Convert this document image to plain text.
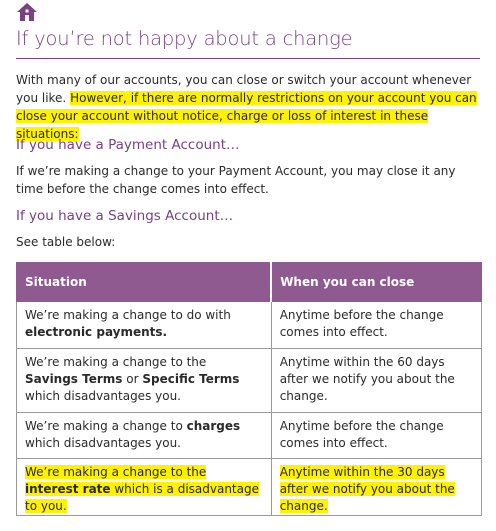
If you’re not happy about a change

With many of our accounts, you can close or switch your account whenever you like. However, if there are normally restrictions on your account you can close your account without notice, charge or loss of interest in these situations:

If you have a Payment Account…

If we’re making a change to your Payment Account, you may close it any time before the change comes into effect.

If you have a Savings Account…

See table below:

Situation	When you can close
We’re making a change to do with electronic payments.	Anytime before the change comes into effect.
We’re making a change to the Savings Terms or Specific Terms which disadvantages you.	Anytime within the 60 days after we notify you about the change.
We’re making a change to charges which disadvantages you.	Anytime before the change comes into effect.
We’re making a change to the interest rate which is a disadvantage to you.	Anytime within the 30 days after we notify you about the change.
